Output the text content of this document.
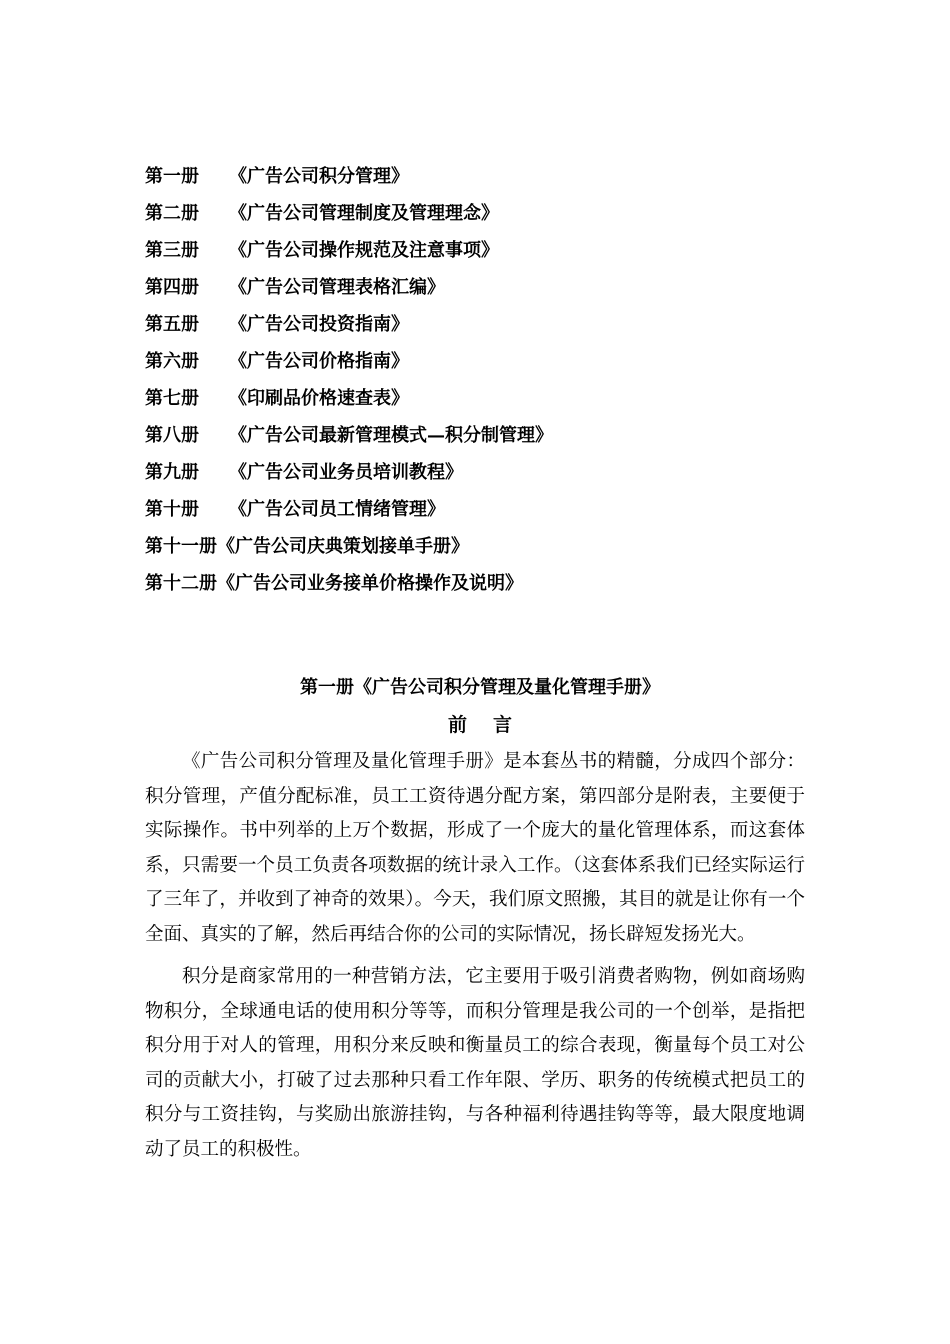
第一册	《广告公司积分管理》
第二册	《广告公司管理制度及管理理念》
第三册	《广告公司操作规范及注意事项》
第四册	《广告公司管理表格汇编》
第五册	《广告公司投资指南》
第六册	《广告公司价格指南》
第七册	《印刷品价格速查表》
第八册	《广告公司最新管理模式—积分制管理》
第九册	《广告公司业务员培训教程》
第十册	《广告公司员工情绪管理》
第十一册 《广告公司庆典策划接单手册》
第十二册 《广告公司业务接单价格操作及说明》
第一册《广告公司积分管理及量化管理手册》
前言

《广告公司积分管理及量化管理手册》是本套丛书的精髓，分成四个部分：积分管理，产值分配标准，员工工资待遇分配方案，第四部分是附表，主要便于实际操作。书中列举的上万个数据，形成了一个庞大的量化管理体系，而这套体系，只需要一个员工负责各项数据的统计录入工作。（这套体系我们已经实际运行了三年了，并收到了神奇的效果）。今天，我们原文照搬，其目的就是让你有一个全面、真实的了解，然后再结合你的公司的实际情况，扬长辟短发扬光大。

积分是商家常用的一种营销方法，它主要用于吸引消费者购物，例如商场购物积分，全球通电话的使用积分等等，而积分管理是我公司的一个创举，是指把积分用于对人的管理，用积分来反映和衡量员工的综合表现，衡量每个员工对公司的贡献大小，打破了过去那种只看工作年限、学历、职务的传统模式把员工的积分与工资挂钩，与奖励出旅游挂钩，与各种福利待遇挂钩等等，最大限度地调动了员工的积极性。
